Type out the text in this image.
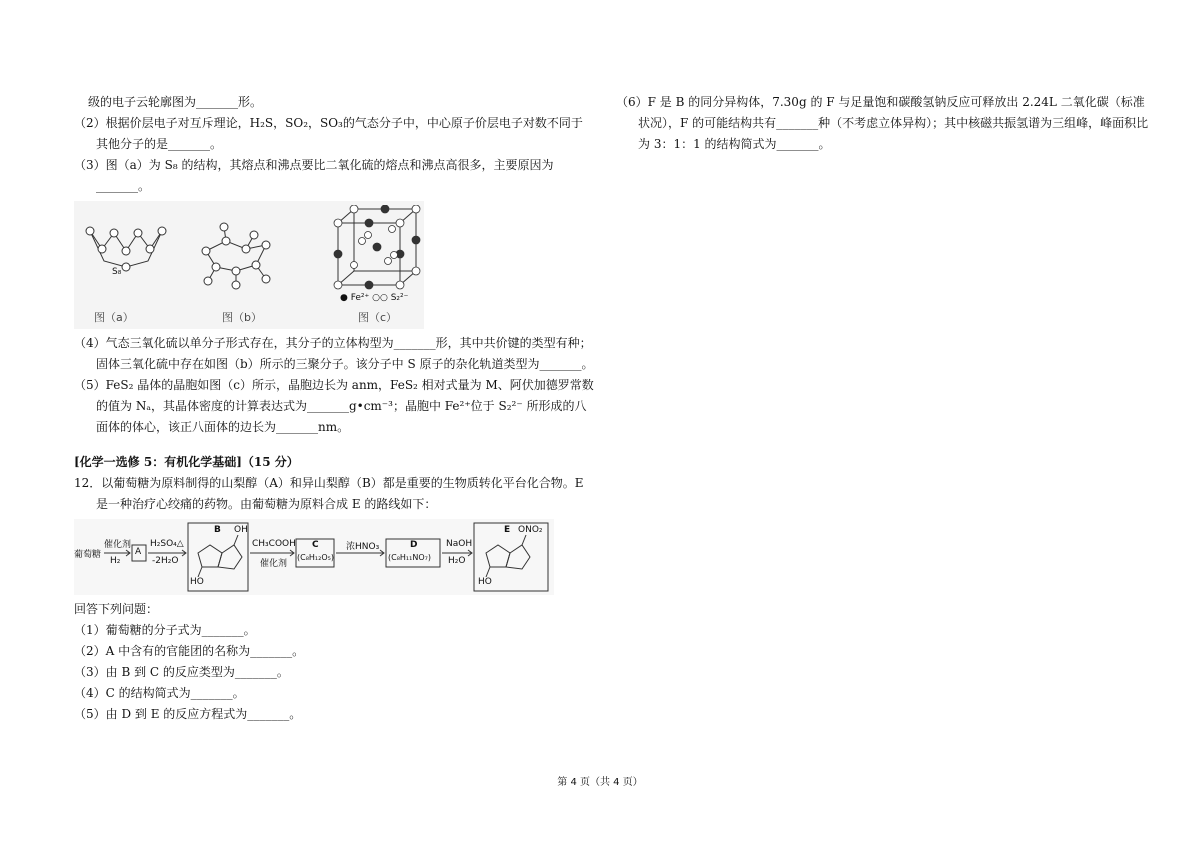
级的电子云轮廓图为_______形。

（2）根据价层电子对互斥理论，H₂S，SO₂，SO₃的气态分子中，中心原子价层电子对数不同于其他分子的是_______。

（3）图（a）为 S₈ 的结构，其熔点和沸点要比二氧化硫的熔点和沸点高很多，主要原因为_______。

S₈
● Fe²⁺ ○○ S₂²⁻
图（a）	图（b）	图（c）

（4）气态三氧化硫以单分子形式存在，其分子的立体构型为_______形，其中共价键的类型有种；固体三氧化硫中存在如图（b）所示的三聚分子。该分子中 S 原子的杂化轨道类型为_______。

（5）FeS₂ 晶体的晶胞如图（c）所示，晶胞边长为 anm，FeS₂ 相对式量为 M、阿伏加德罗常数的值为 Nₐ，其晶体密度的计算表达式为_______g•cm⁻³；晶胞中 Fe²⁺位于 S₂²⁻ 所形成的八面体的体心，该正八面体的边长为_______nm。

[化学一选修 5：有机化学基础]（15 分）

12．以葡萄糖为原料制得的山梨醇（A）和异山梨醇（B）都是重要的生物质转化平台化合物。E 是一种治疗心绞痛的药物。由葡萄糖为原料合成 E 的路线如下：

葡萄糖
催化剂
H₂
A
H₂SO₄△
-2H₂O
B OH
HO
CH₃COOH
催化剂
C
(C₈H₁₂O₅)
浓HNO₃	D
(C₈H₁₁NO₇)
NaOH
H₂O
E ONO₂
HO

回答下列问题：

（1）葡萄糖的分子式为_______。

（2）A 中含有的官能团的名称为_______。

（3）由 B 到 C 的反应类型为_______。

（4）C 的结构简式为_______。

（5）由 D 到 E 的反应方程式为_______。

（6）F 是 B 的同分异构体，7.30g 的 F 与足量饱和碳酸氢钠反应可释放出 2.24L 二氧化碳（标准状况），F 的可能结构共有_______种（不考虑立体异构）；其中核磁共振氢谱为三组峰，峰面积比为 3：1：1 的结构简式为_______。

第 4 页（共 4 页）
